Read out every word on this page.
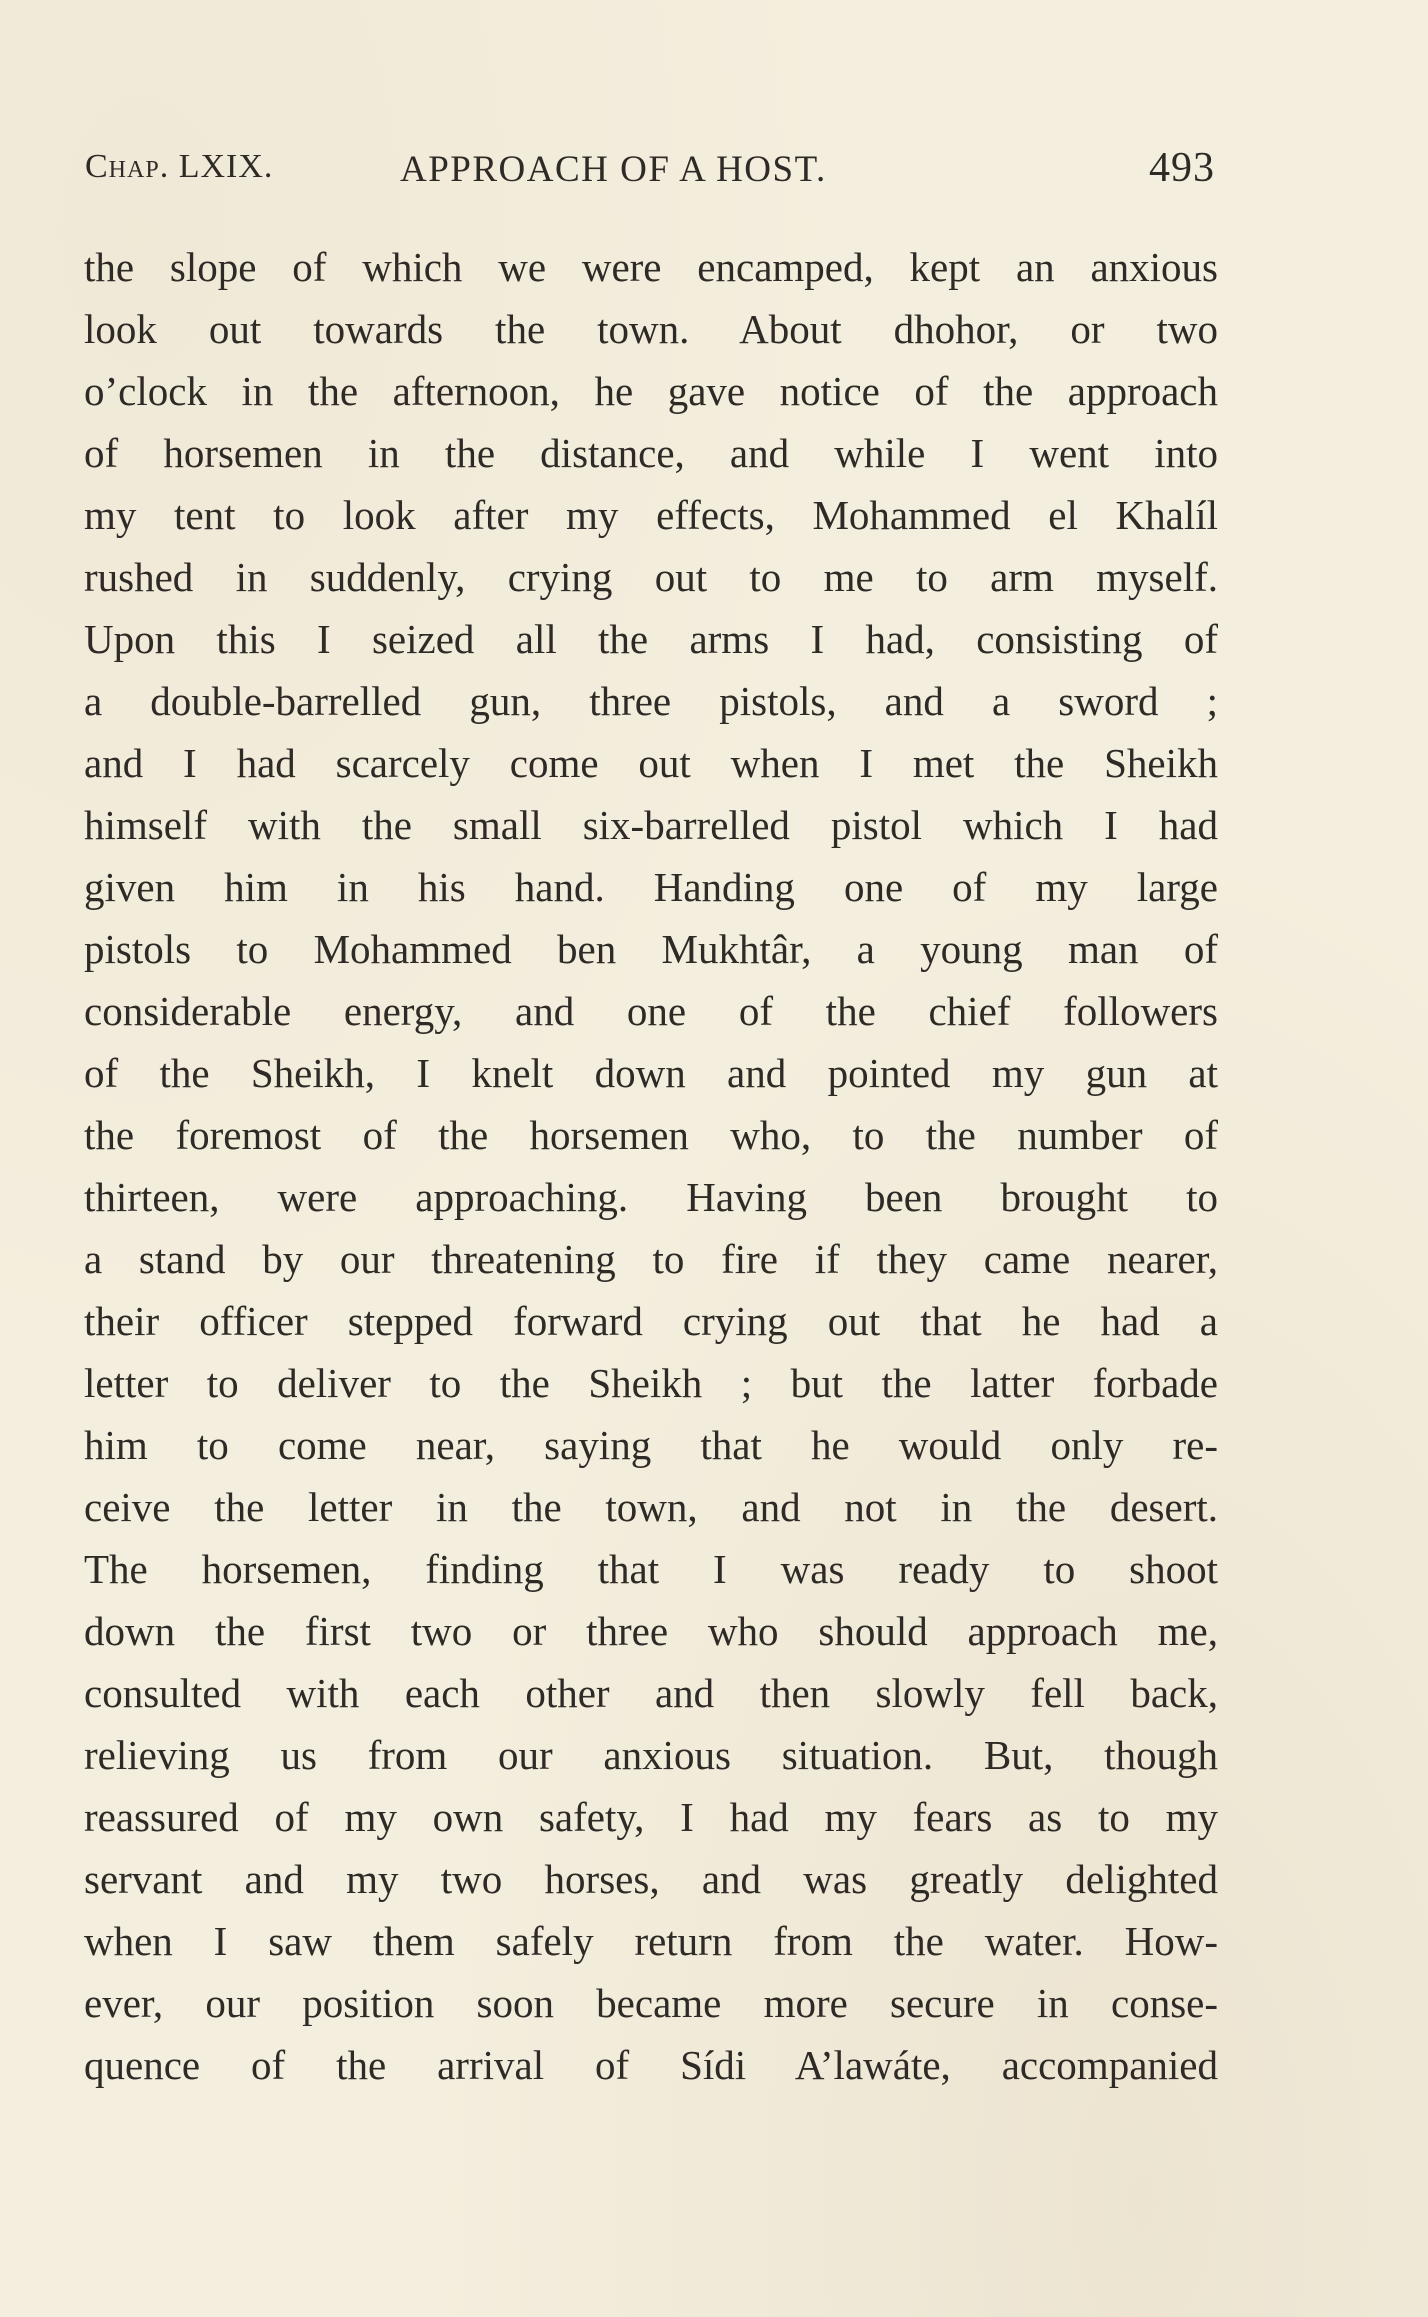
Chap. LXIX.	APPROACH OF A HOST.	493
the slope of which we were encamped, kept an anxious
look out towards the town. About dhohor, or two
o’clock in the afternoon, he gave notice of the approach
of horsemen in the distance, and while I went into
my tent to look after my effects, Mohammed el Khalíl
rushed in suddenly, crying out to me to arm myself.
Upon this I seized all the arms I had, consisting of
a double-barrelled gun, three pistols, and a sword ;
and I had scarcely come out when I met the Sheikh
himself with the small six-barrelled pistol which I had
given him in his hand. Handing one of my large
pistols to Mohammed ben Mukhtâr, a young man of
considerable energy, and one of the chief followers
of the Sheikh, I knelt down and pointed my gun at
the foremost of the horsemen who, to the number of
thirteen, were approaching. Having been brought to
a stand by our threatening to fire if they came nearer,
their officer stepped forward crying out that he had a
letter to deliver to the Sheikh ; but the latter forbade
him to come near, saying that he would only re-
ceive the letter in the town, and not in the desert.
The horsemen, finding that I was ready to shoot
down the first two or three who should approach me,
consulted with each other and then slowly fell back,
relieving us from our anxious situation. But, though
reassured of my own safety, I had my fears as to my
servant and my two horses, and was greatly delighted
when I saw them safely return from the water. How-
ever, our position soon became more secure in conse-
quence of the arrival of Sídi A’lawáte, accompanied
